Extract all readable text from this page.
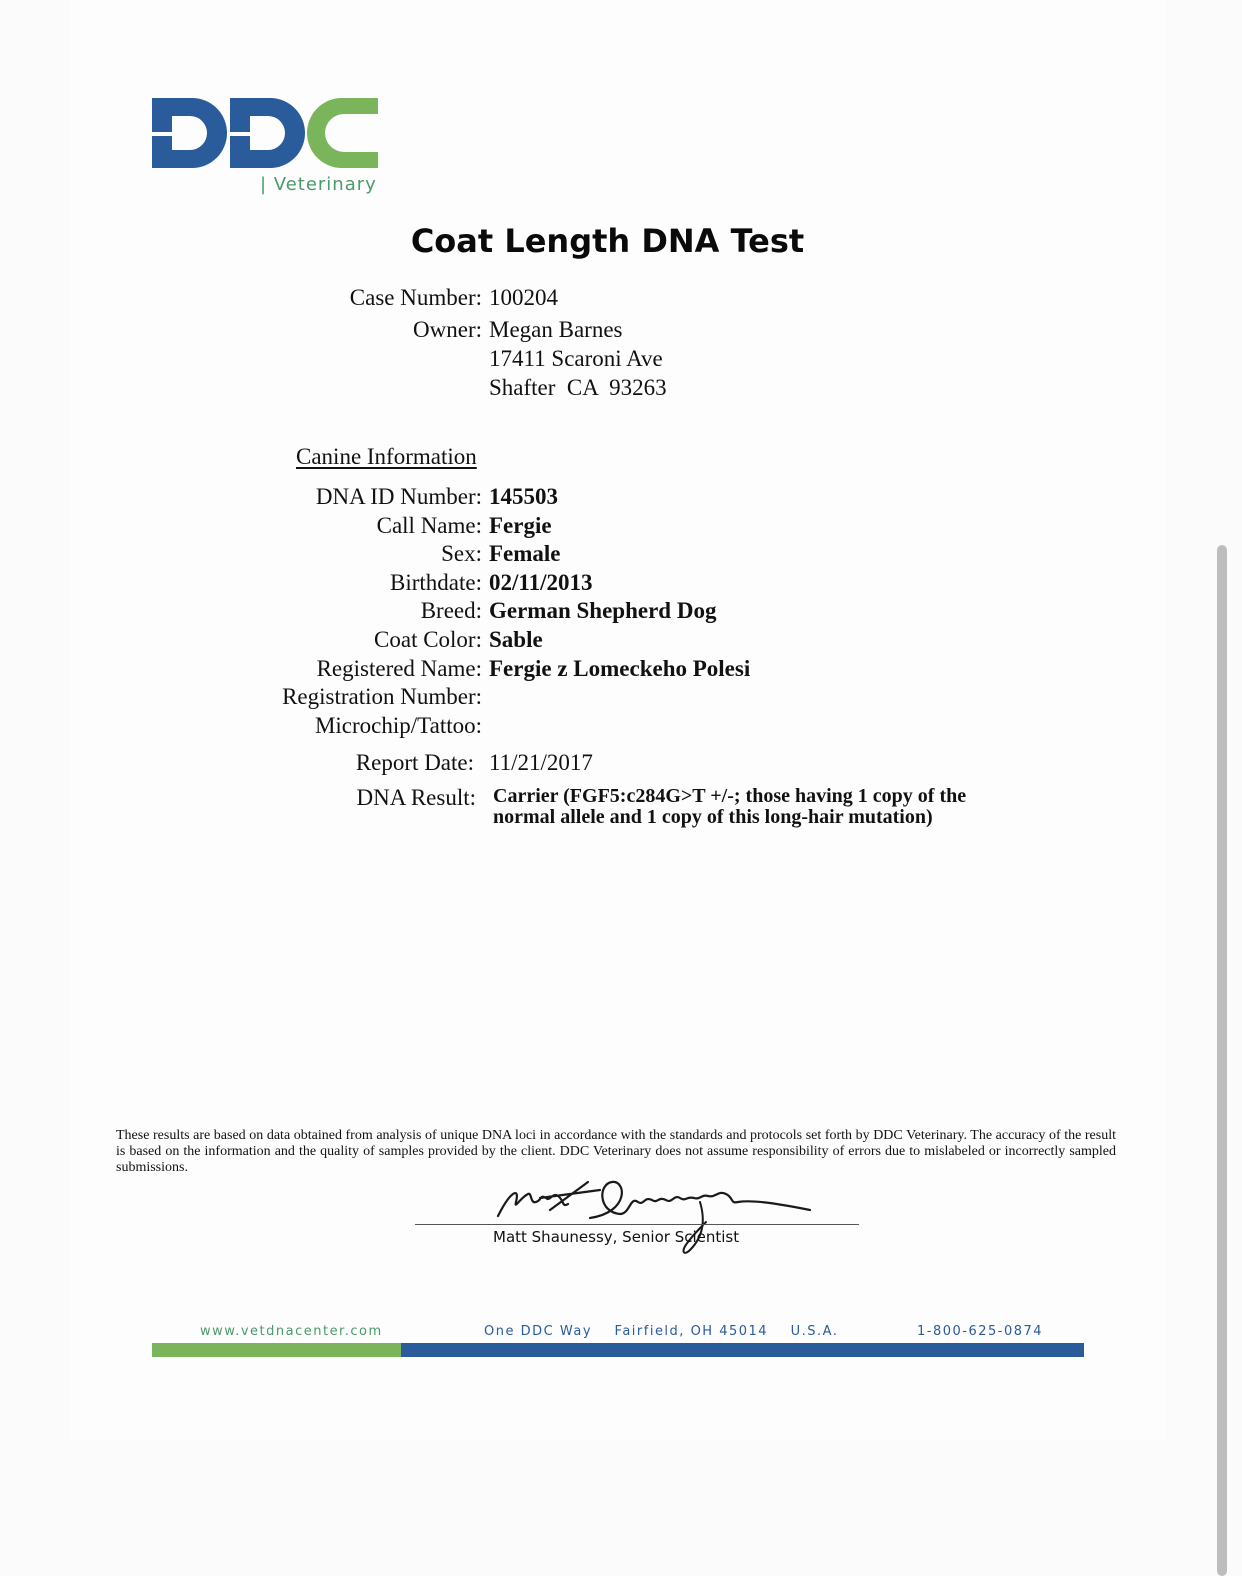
| Veterinary
Coat Length DNA Test
Case Number: 100204
Owner: Megan Barnes
17411 Scaroni Ave
Shafter  CA  93263
Canine Information
DNA ID Number: 145503
Call Name: Fergie
Sex: Female
Birthdate: 02/11/2013
Breed: German Shepherd Dog
Coat Color: Sable
Registered Name: Fergie z Lomeckeho Polesi
Registration Number:
Microchip/Tattoo:
Report Date: 11/21/2017
DNA Result: Carrier (FGF5:c284G>T +/-; those having 1 copy of the normal allele and 1 copy of this long-hair mutation)
These results are based on data obtained from analysis of unique DNA loci in accordance with the standards and protocols set forth by DDC Veterinary. The accuracy of the result is based on the information and the quality of samples provided by the client. DDC Veterinary does not assume responsibility of errors due to mislabeled or incorrectly sampled submissions.
Matt Shaunessy, Senior Scientist
www.vetdnacenter.com	One DDC Way    Fairfield, OH 45014    U.S.A.	1-800-625-0874
